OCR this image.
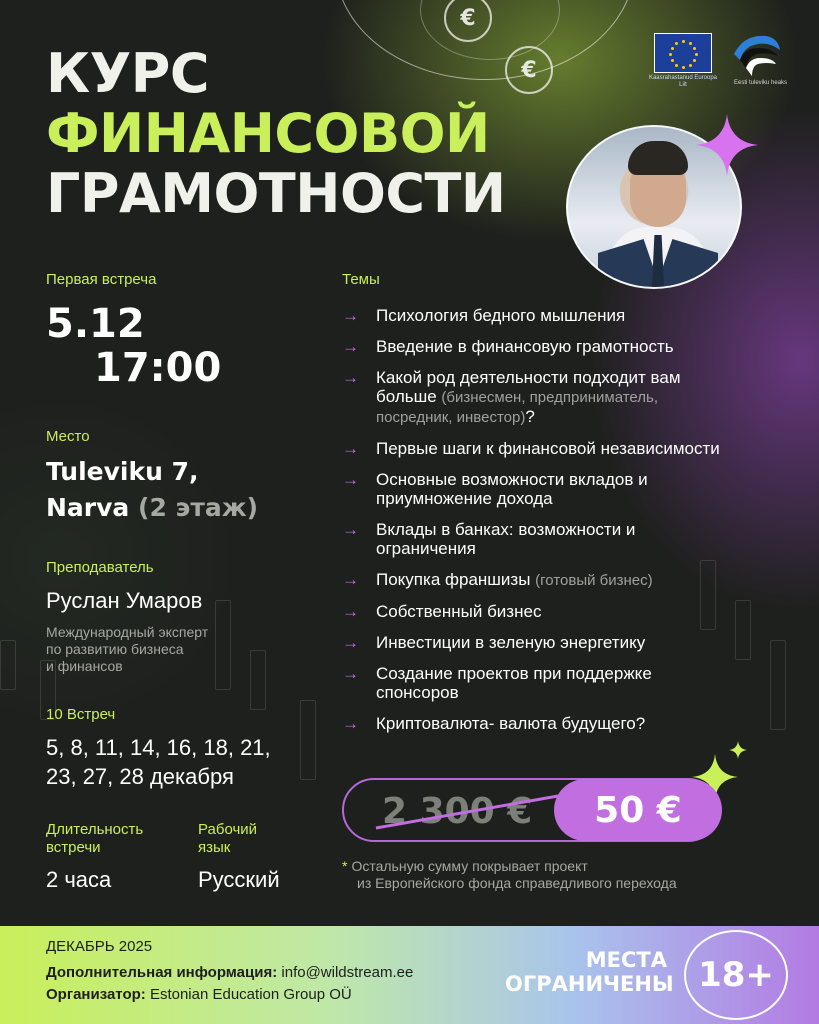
€
€
КУРС
ФИНАНСОВОЙ
ГРАМОТНОСТИ
Kaasrahastanud Euroopa Liit	Eesti tuleviku heaks
Первая встреча
5.12
17:00
Место
Tuleviku 7,
Narva (2 этаж)
Преподаватель
Руслан Умаров
Международный эксперт
по развитию бизнеса
и финансов
10 Встреч
5, 8, 11, 14, 16, 18, 21,
23, 27, 28 декабря
Длительность
встречи
2 часа
Рабочий
язык
Русский
Темы
→ Психология бедного мышления
→ Введение в финансовую грамотность
→ Какой род деятельности подходит вам больше (бизнесмен, предприниматель, посредник, инвестор)?
→ Первые шаги к финансовой независимости
→ Основные возможности вкладов и приумножение дохода
→ Вклады в банках: возможности и ограничения
→ Покупка франшизы (готовый бизнес)
→ Собственный бизнес
→ Инвестиции в зеленую энергетику
→ Создание проектов при поддержке спонсоров
→ Криптовалюта- валюта будущего?
2 300 €	50 €
* Остальную сумму покрывает проект
из Европейского фонда справедливого перехода
ДЕКАБРЬ 2025
Дополнительная информация: info@wildstream.ee
Организатор: Estonian Education Group OÜ
МЕСТА
ОГРАНИЧЕНЫ 18+
